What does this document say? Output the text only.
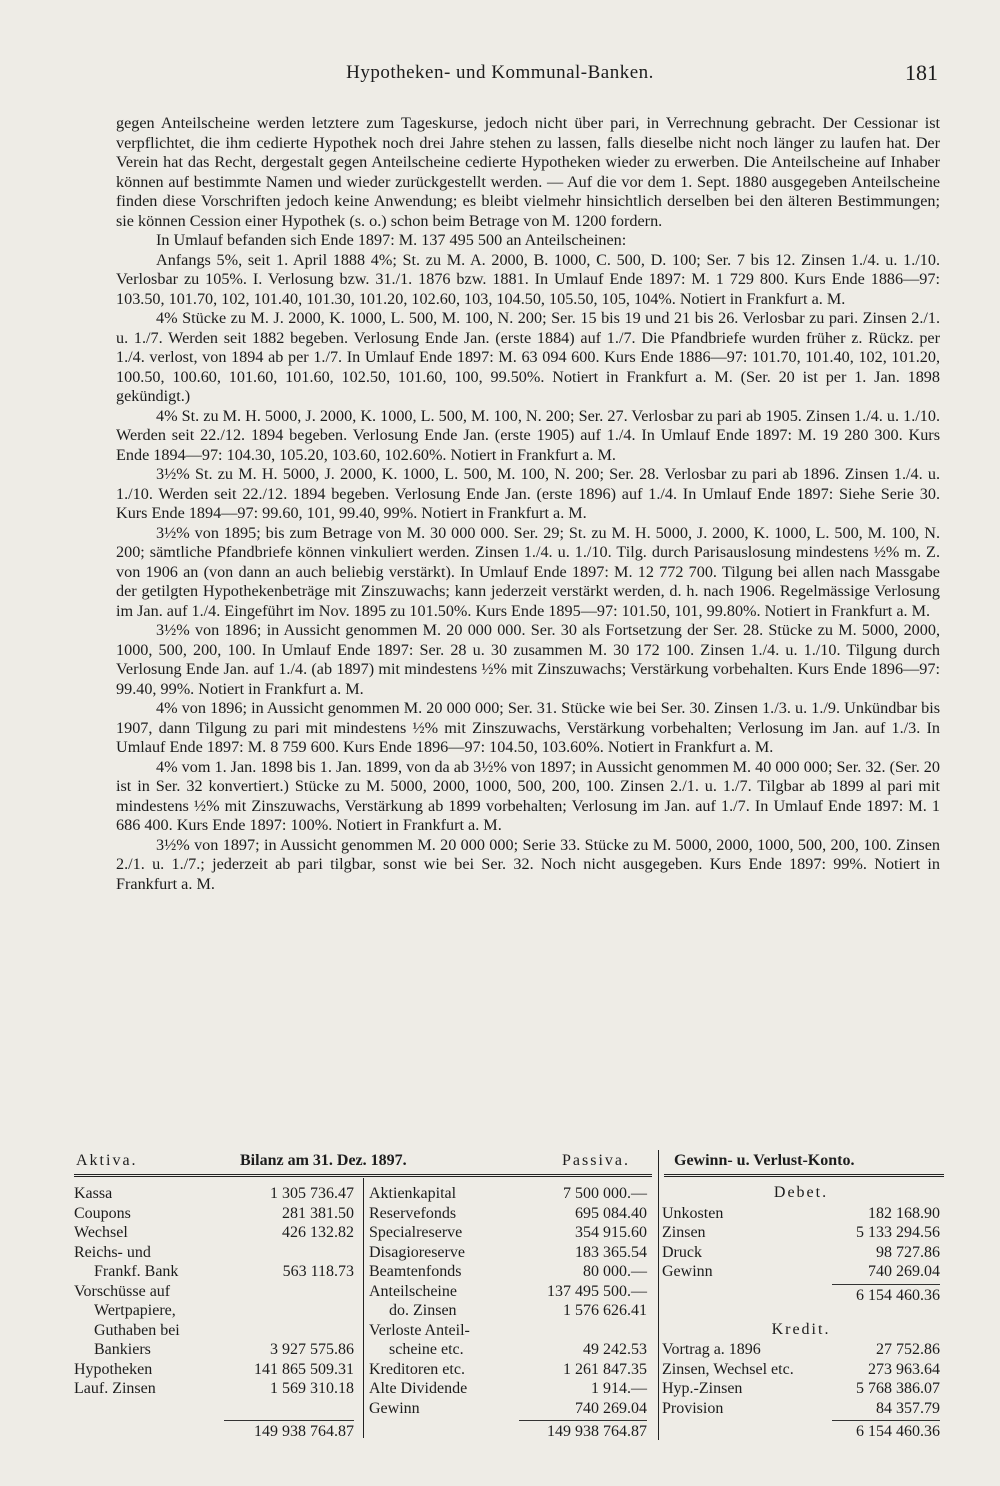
Hypotheken- und Kommunal-Banken.	181

gegen Anteilscheine werden letztere zum Tageskurse, jedoch nicht über pari, in Verrechnung gebracht. Der Cessionar ist verpflichtet, die ihm cedierte Hypothek noch drei Jahre stehen zu lassen, falls dieselbe nicht noch länger zu laufen hat. Der Verein hat das Recht, dergestalt gegen Anteilscheine cedierte Hypotheken wieder zu erwerben. Die Anteilscheine auf Inhaber können auf bestimmte Namen und wieder zurückgestellt werden. — Auf die vor dem 1. Sept. 1880 ausgegeben Anteilscheine finden diese Vorschriften jedoch keine Anwendung; es bleibt vielmehr hinsichtlich derselben bei den älteren Bestimmungen; sie können Cession einer Hypothek (s. o.) schon beim Betrage von M. 1200 fordern.

In Umlauf befanden sich Ende 1897: M. 137 495 500 an Anteilscheinen:

Anfangs 5%, seit 1. April 1888 4%; St. zu M. A. 2000, B. 1000, C. 500, D. 100; Ser. 7 bis 12. Zinsen 1./4. u. 1./10. Verlosbar zu 105%. I. Verlosung bzw. 31./1. 1876 bzw. 1881. In Umlauf Ende 1897: M. 1 729 800. Kurs Ende 1886—97: 103.50, 101.70, 102, 101.40, 101.30, 101.20, 102.60, 103, 104.50, 105.50, 105, 104%. Notiert in Frankfurt a. M.

4% Stücke zu M. J. 2000, K. 1000, L. 500, M. 100, N. 200; Ser. 15 bis 19 und 21 bis 26. Verlosbar zu pari. Zinsen 2./1. u. 1./7. Werden seit 1882 begeben. Verlosung Ende Jan. (erste 1884) auf 1./7. Die Pfandbriefe wurden früher z. Rückz. per 1./4. verlost, von 1894 ab per 1./7. In Umlauf Ende 1897: M. 63 094 600. Kurs Ende 1886—97: 101.70, 101.40, 102, 101.20, 100.50, 100.60, 101.60, 101.60, 102.50, 101.60, 100, 99.50%. Notiert in Frankfurt a. M. (Ser. 20 ist per 1. Jan. 1898 gekündigt.)

4% St. zu M. H. 5000, J. 2000, K. 1000, L. 500, M. 100, N. 200; Ser. 27. Verlosbar zu pari ab 1905. Zinsen 1./4. u. 1./10. Werden seit 22./12. 1894 begeben. Verlosung Ende Jan. (erste 1905) auf 1./4. In Umlauf Ende 1897: M. 19 280 300. Kurs Ende 1894—97: 104.30, 105.20, 103.60, 102.60%. Notiert in Frankfurt a. M.

3½% St. zu M. H. 5000, J. 2000, K. 1000, L. 500, M. 100, N. 200; Ser. 28. Verlosbar zu pari ab 1896. Zinsen 1./4. u. 1./10. Werden seit 22./12. 1894 begeben. Verlosung Ende Jan. (erste 1896) auf 1./4. In Umlauf Ende 1897: Siehe Serie 30. Kurs Ende 1894—97: 99.60, 101, 99.40, 99%. Notiert in Frankfurt a. M.

3½% von 1895; bis zum Betrage von M. 30 000 000. Ser. 29; St. zu M. H. 5000, J. 2000, K. 1000, L. 500, M. 100, N. 200; sämtliche Pfandbriefe können vinkuliert werden. Zinsen 1./4. u. 1./10. Tilg. durch Parisauslosung mindestens ½% m. Z. von 1906 an (von dann an auch beliebig verstärkt). In Umlauf Ende 1897: M. 12 772 700. Tilgung bei allen nach Massgabe der getilgten Hypothekenbeträge mit Zinszuwachs; kann jederzeit verstärkt werden, d. h. nach 1906. Regelmässige Verlosung im Jan. auf 1./4. Eingeführt im Nov. 1895 zu 101.50%. Kurs Ende 1895—97: 101.50, 101, 99.80%. Notiert in Frankfurt a. M.

3½% von 1896; in Aussicht genommen M. 20 000 000. Ser. 30 als Fortsetzung der Ser. 28. Stücke zu M. 5000, 2000, 1000, 500, 200, 100. In Umlauf Ende 1897: Ser. 28 u. 30 zusammen M. 30 172 100. Zinsen 1./4. u. 1./10. Tilgung durch Verlosung Ende Jan. auf 1./4. (ab 1897) mit mindestens ½% mit Zinszuwachs; Verstärkung vorbehalten. Kurs Ende 1896—97: 99.40, 99%. Notiert in Frankfurt a. M.

4% von 1896; in Aussicht genommen M. 20 000 000; Ser. 31. Stücke wie bei Ser. 30. Zinsen 1./3. u. 1./9. Unkündbar bis 1907, dann Tilgung zu pari mit mindestens ½% mit Zinszuwachs, Verstärkung vorbehalten; Verlosung im Jan. auf 1./3. In Umlauf Ende 1897: M. 8 759 600. Kurs Ende 1896—97: 104.50, 103.60%. Notiert in Frankfurt a. M.

4% vom 1. Jan. 1898 bis 1. Jan. 1899, von da ab 3½% von 1897; in Aussicht genommen M. 40 000 000; Ser. 32. (Ser. 20 ist in Ser. 32 konvertiert.) Stücke zu M. 5000, 2000, 1000, 500, 200, 100. Zinsen 2./1. u. 1./7. Tilgbar ab 1899 al pari mit mindestens ½% mit Zinszuwachs, Verstärkung ab 1899 vorbehalten; Verlosung im Jan. auf 1./7. In Umlauf Ende 1897: M. 1 686 400. Kurs Ende 1897: 100%. Notiert in Frankfurt a. M.

3½% von 1897; in Aussicht genommen M. 20 000 000; Serie 33. Stücke zu M. 5000, 2000, 1000, 500, 200, 100. Zinsen 2./1. u. 1./7.; jederzeit ab pari tilgbar, sonst wie bei Ser. 32. Noch nicht ausgegeben. Kurs Ende 1897: 99%. Notiert in Frankfurt a. M.

Aktiva.	Bilanz am 31. Dez. 1897.	Passiva.	Gewinn- u. Verlust-Konto.
Kassa	1 305 736.47
Coupons	281 381.50
Wechsel	426 132.82
Reichs- und
Frankf. Bank	563 118.73
Vorschüsse auf
Wertpapiere,
Guthaben bei
Bankiers	3 927 575.86
Hypotheken	141 865 509.31
Lauf. Zinsen	1 569 310.18
149 938 764.87
Aktienkapital	7 500 000.—
Reservefonds	695 084.40
Specialreserve	354 915.60
Disagioreserve	183 365.54
Beamtenfonds	80 000.—
Anteilscheine	137 495 500.—
do. Zinsen	1 576 626.41
Verloste Anteil-
scheine etc.	49 242.53
Kreditoren etc.	1 261 847.35
Alte Dividende	1 914.—
Gewinn	740 269.04
149 938 764.87
Debet.
Unkosten	182 168.90
Zinsen	5 133 294.56
Druck	98 727.86
Gewinn	740 269.04
6 154 460.36
Kredit.
Vortrag a. 1896	27 752.86
Zinsen, Wechsel etc.	273 963.64
Hyp.-Zinsen	5 768 386.07
Provision	84 357.79
6 154 460.36
